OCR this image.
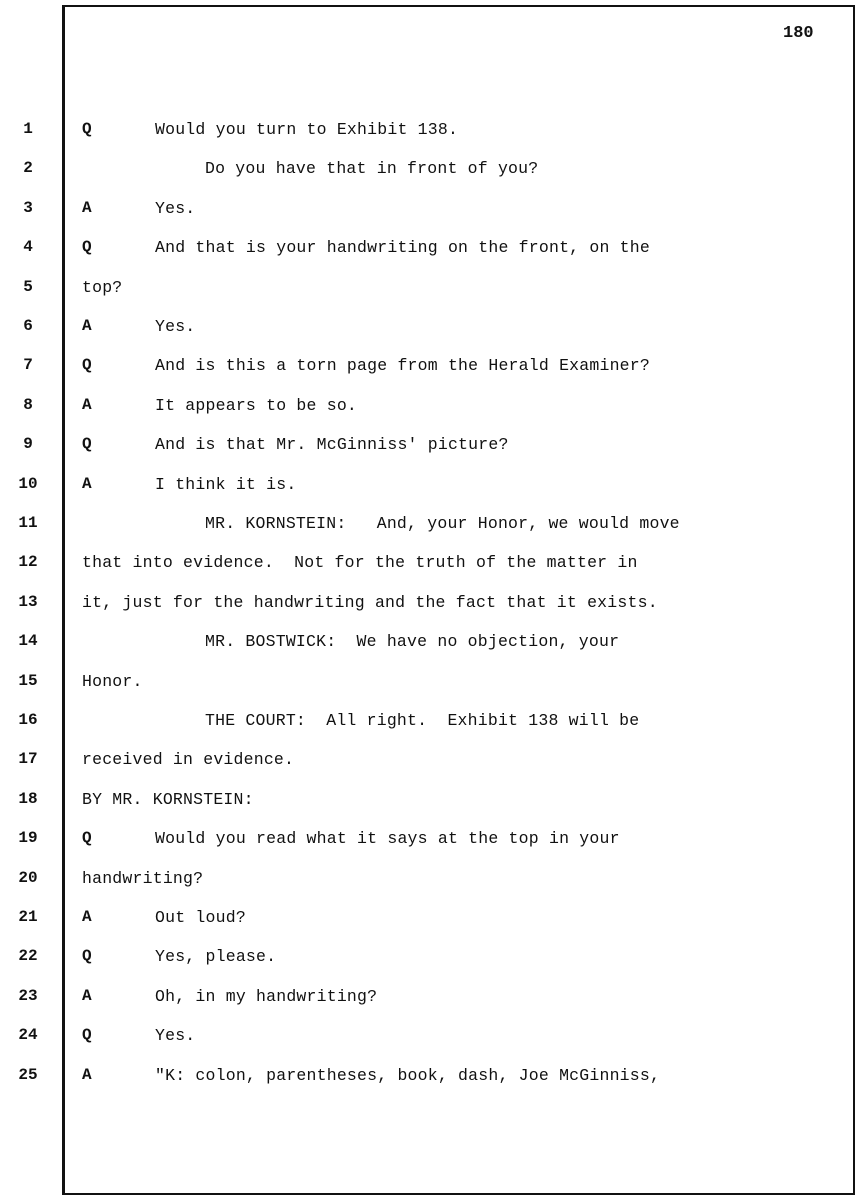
180
1	Q	Would you turn to Exhibit 138.
2	Do you have that in front of you?
3	A	Yes.
4	Q	And that is your handwriting on the front, on the
5	top?
6	A	Yes.
7	Q	And is this a torn page from the Herald Examiner?
8	A	It appears to be so.
9	Q	And is that Mr. McGinniss' picture?
10	A	I think it is.
11	MR. KORNSTEIN:   And, your Honor, we would move
12	that into evidence.  Not for the truth of the matter in
13	it, just for the handwriting and the fact that it exists.
14	MR. BOSTWICK:  We have no objection, your
15	Honor.
16	THE COURT:  All right.  Exhibit 138 will be
17	received in evidence.
18	BY MR. KORNSTEIN:
19	Q	Would you read what it says at the top in your
20	handwriting?
21	A	Out loud?
22	Q	Yes, please.
23	A	Oh, in my handwriting?
24	Q	Yes.
25	A	"K: colon, parentheses, book, dash, Joe McGinniss,
